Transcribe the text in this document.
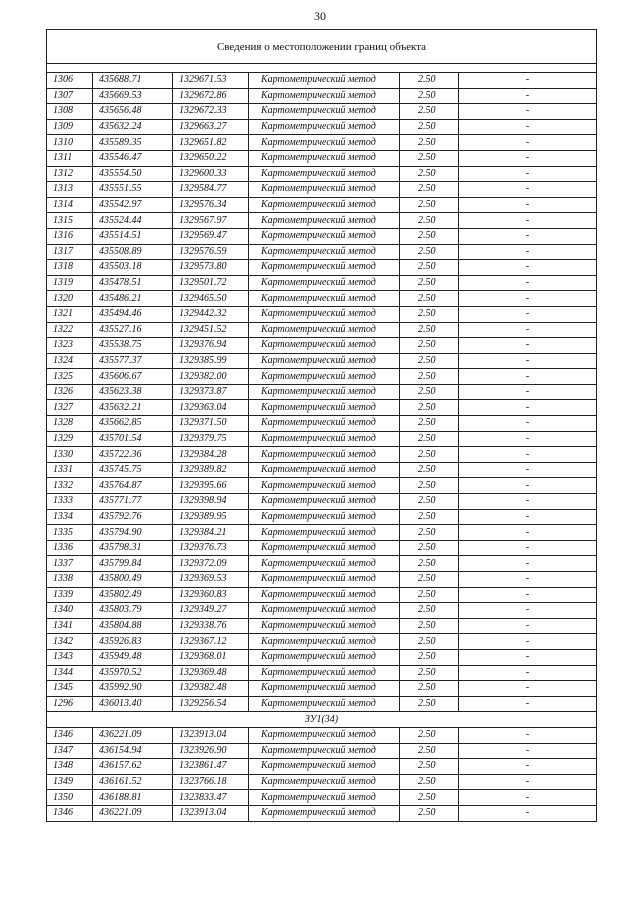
30
Сведения о местоположении границ объекта					

1306	435688.71	1329671.53	Картометрический метод	2.50	-
1307	435669.53	1329672.86	Картометрический метод	2.50	-
1308	435656.48	1329672.33	Картометрический метод	2.50	-
1309	435632.24	1329663.27	Картометрический метод	2.50	-
1310	435589.35	1329651.82	Картометрический метод	2.50	-
1311	435546.47	1329650.22	Картометрический метод	2.50	-
1312	435554.50	1329600.33	Картометрический метод	2.50	-
1313	435551.55	1329584.77	Картометрический метод	2.50	-
1314	435542.97	1329576.34	Картометрический метод	2.50	-
1315	435524.44	1329567.97	Картометрический метод	2.50	-
1316	435514.51	1329569.47	Картометрический метод	2.50	-
1317	435508.89	1329576.59	Картометрический метод	2.50	-
1318	435503.18	1329573.80	Картометрический метод	2.50	-
1319	435478.51	1329501.72	Картометрический метод	2.50	-
1320	435486.21	1329465.50	Картометрический метод	2.50	-
1321	435494.46	1329442.32	Картометрический метод	2.50	-
1322	435527.16	1329451.52	Картометрический метод	2.50	-
1323	435538.75	1329376.94	Картометрический метод	2.50	-
1324	435577.37	1329385.99	Картометрический метод	2.50	-
1325	435606.67	1329382.00	Картометрический метод	2.50	-
1326	435623.38	1329373.87	Картометрический метод	2.50	-
1327	435632.21	1329363.04	Картометрический метод	2.50	-
1328	435662.85	1329371.50	Картометрический метод	2.50	-
1329	435701.54	1329379.75	Картометрический метод	2.50	-
1330	435722.36	1329384.28	Картометрический метод	2.50	-
1331	435745.75	1329389.82	Картометрический метод	2.50	-
1332	435764.87	1329395.66	Картометрический метод	2.50	-
1333	435771.77	1329398.94	Картометрический метод	2.50	-
1334	435792.76	1329389.95	Картометрический метод	2.50	-
1335	435794.90	1329384.21	Картометрический метод	2.50	-
1336	435798.31	1329376.73	Картометрический метод	2.50	-
1337	435799.84	1329372.09	Картометрический метод	2.50	-
1338	435800.49	1329369.53	Картометрический метод	2.50	-
1339	435802.49	1329360.83	Картометрический метод	2.50	-
1340	435803.79	1329349.27	Картометрический метод	2.50	-
1341	435804.88	1329338.76	Картометрический метод	2.50	-
1342	435926.83	1329367.12	Картометрический метод	2.50	-
1343	435949.48	1329368.01	Картометрический метод	2.50	-
1344	435970.52	1329369.48	Картометрический метод	2.50	-
1345	435992.90	1329382.48	Картометрический метод	2.50	-
1296	436013.40	1329256.54	Картометрический метод	2.50	-
ЗУ1(34)					
1346	436221.09	1323913.04	Картометрический метод	2.50	-
1347	436154.94	1323926.90	Картометрический метод	2.50	-
1348	436157.62	1323861.47	Картометрический метод	2.50	-
1349	436161.52	1323766.18	Картометрический метод	2.50	-
1350	436188.81	1323833.47	Картометрический метод	2.50	-
1346	436221.09	1323913.04	Картометрический метод	2.50	-
